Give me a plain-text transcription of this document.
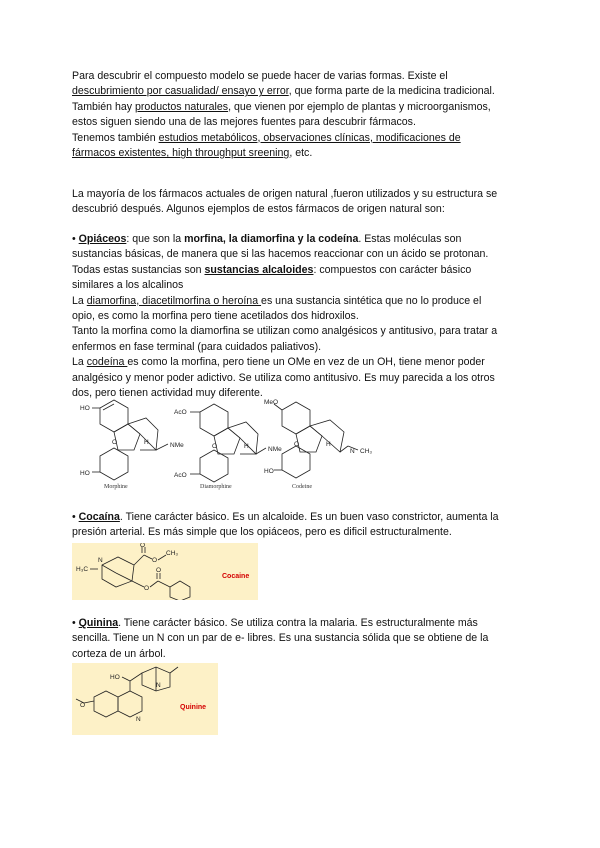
Para descubrir el compuesto modelo se puede hacer de varias formas. Existe el

descubrimiento por casualidad/ ensayo y error, que forma parte de la medicina tradicional.

También hay productos naturales, que vienen por ejemplo de plantas y microorganismos,

estos siguen siendo una de las mejores fuentes para descubrir fármacos.

Tenemos también estudios metabólicos, observaciones clínicas, modificaciones de

fármacos existentes, high throughput sreening, etc.

La mayoría de los fármacos actuales de origen natural ,fueron utilizados y su estructura se

descubrió después. Algunos ejemplos de estos fármacos de origen natural son:

• Opiáceos: que son la morfina, la diamorfina y la codeína. Estas moléculas son

sustancias básicas, de manera que si las hacemos reaccionar con un ácido se protonan.

Todas estas sustancias son sustancias alcaloides: compuestos con carácter básico

similares a los alcalinos

La diamorfina, diacetilmorfina o heroína es una sustancia sintética que no lo produce el

opio, es como la morfina pero tiene acetilados dos hidroxilos.

Tanto la morfina como la diamorfina se utilizan como analgésicos y antitusivo, para tratar a

enfermos en fase terminal (para cuidados paliativos).

La codeína es como la morfina, pero tiene un OMe en vez de un OH, tiene menor poder

analgésico y menor poder adictivo. Se utiliza como antitusivo. Es muy parecida a los otros

dos, pero tienen actividad muy diferente.

HO
HO
NMe
O	H
AcO
AcO
NMe
O	H
MeO
HO
N CH₃
O	H
Morphine	Diamorphine	Codeine

• Cocaína. Tiene carácter básico. Es un alcaloide. Es un buen vaso constrictor, aumenta la

presión arterial. Es más simple que los opiáceos, pero es dificil estructuralmente.

H₃C
N
O
O
CH₃
O
O
Cocaine

• Quinina. Tiene carácter básico. Se utiliza contra la malaria. Es estructuralmente más

sencilla. Tiene un N con un par de e- libres. Es una sustancia sólida que se obtiene de la

corteza de un árbol.

HO
N
N
O	Quinine
